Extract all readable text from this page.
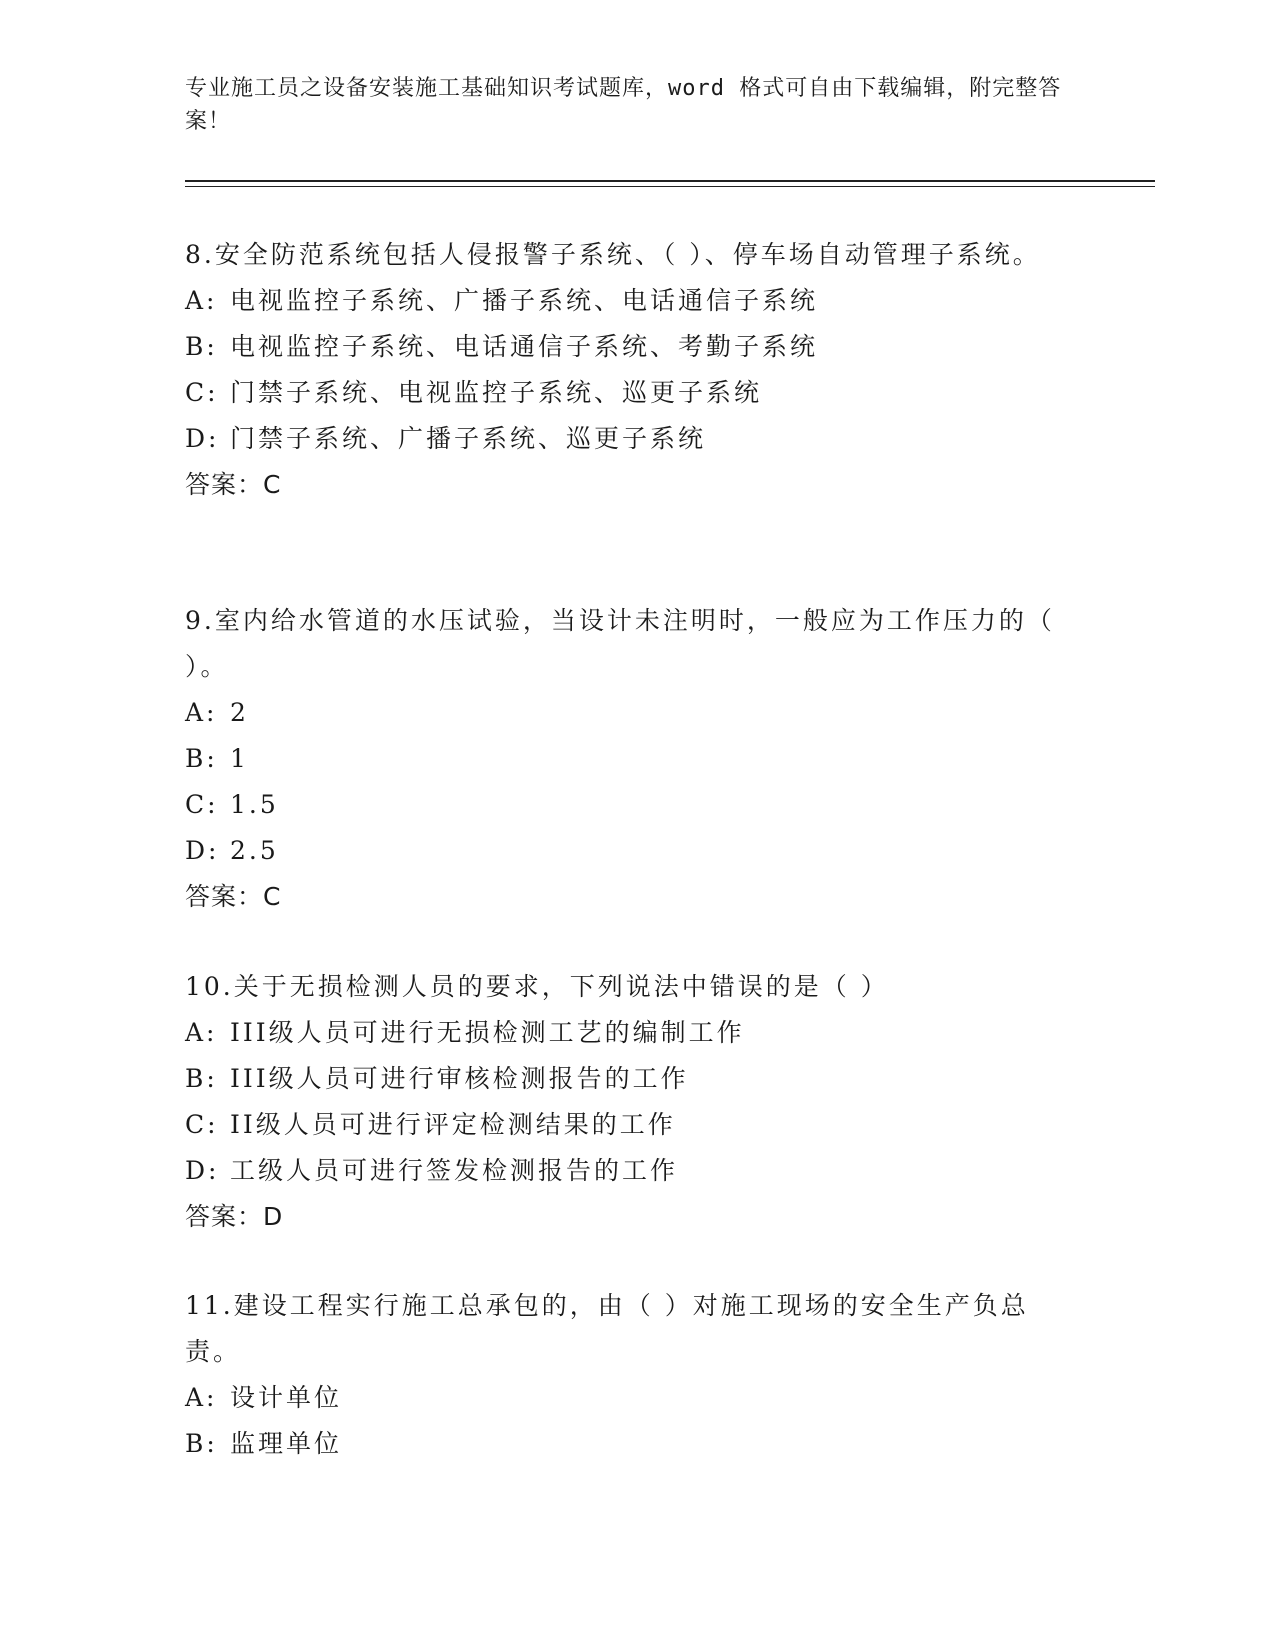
专业施工员之设备安装施工基础知识考试题库，word 格式可自由下载编辑，附完整答案！

8.安全防范系统包括人侵报警子系统、（ ）、停车场自动管理子系统。

A: 电视监控子系统、广播子系统、电话通信子系统

B: 电视监控子系统、电话通信子系统、考勤子系统

C: 门禁子系统、电视监控子系统、巡更子系统

D: 门禁子系统、广播子系统、巡更子系统

答案：C

9.室内给水管道的水压试验，当设计未注明时，一般应为工作压力的（ ）。

A: 2

B: 1

C: 1.5

D: 2.5

答案：C

10.关于无损检测人员的要求，下列说法中错误的是（ ）

A: III级人员可进行无损检测工艺的编制工作

B: III级人员可进行审核检测报告的工作

C: II级人员可进行评定检测结果的工作

D: 工级人员可进行签发检测报告的工作

答案：D

11.建设工程实行施工总承包的，由（ ）对施工现场的安全生产负总责。

A: 设计单位

B: 监理单位
